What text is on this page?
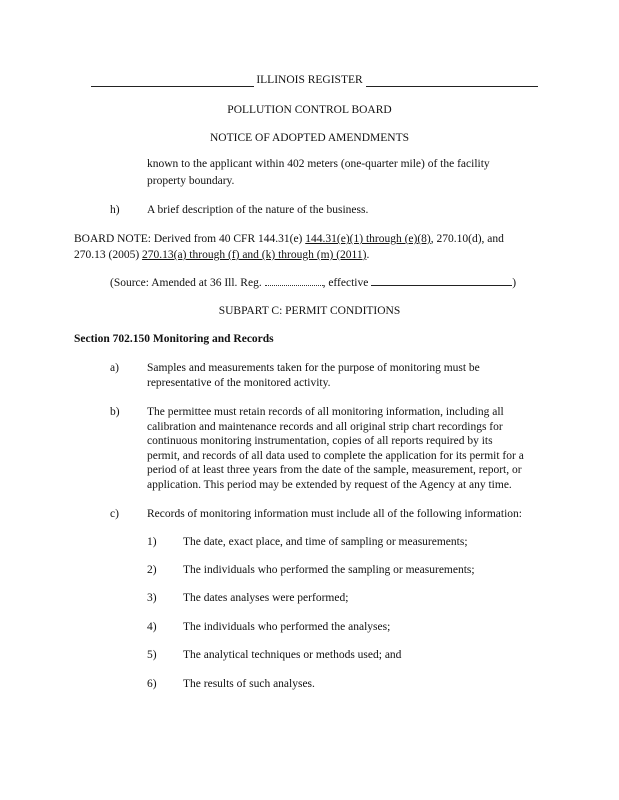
ILLINOIS REGISTER
POLLUTION CONTROL BOARD
NOTICE OF ADOPTED AMENDMENTS
known to the applicant within 402 meters (one-quarter mile) of the facility
property boundary.
h) A brief description of the nature of the business.
BOARD NOTE: Derived from 40 CFR 144.31(e) 144.31(e)(1) through (e)(8), 270.10(d), and
270.13 (2005) 270.13(a) through (f) and (k) through (m) (2011).
(Source: Amended at 36 Ill. Reg.	, effective	)
SUBPART C: PERMIT CONDITIONS
Section 702.150 Monitoring and Records
a) Samples and measurements taken for the purpose of monitoring must be
representative of the monitored activity.
b) The permittee must retain records of all monitoring information, including all
calibration and maintenance records and all original strip chart recordings for
continuous monitoring instrumentation, copies of all reports required by its
permit, and records of all data used to complete the application for its permit for a
period of at least three years from the date of the sample, measurement, report, or
application. This period may be extended by request of the Agency at any time.
c) Records of monitoring information must include all of the following information:
1) The date, exact place, and time of sampling or measurements;
2) The individuals who performed the sampling or measurements;
3) The dates analyses were performed;
4) The individuals who performed the analyses;
5) The analytical techniques or methods used; and
6) The results of such analyses.
